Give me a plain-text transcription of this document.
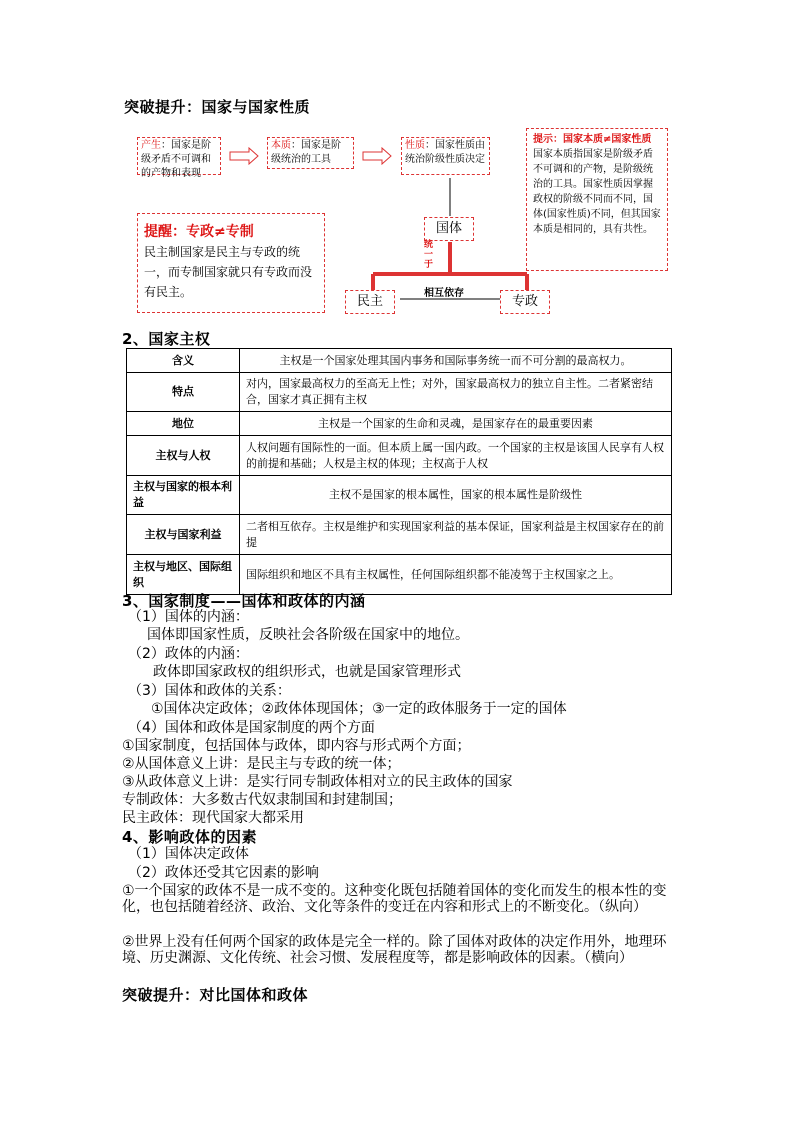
突破提升：国家与国家性质
产生：国家是阶级矛盾不可调和的产物和表现
本质：国家是阶级统治的工具
性质：国家性质由统治阶级性质决定
提示：国家本质≠国家性质
国家本质指国家是阶级矛盾不可调和的产物，是阶级统治的工具。国家性质因掌握政权的阶级不同而不同，国体(国家性质)不同，但其国家本质是相同的，具有共性。
提醒：专政≠专制
民主制国家是民主与专政的统一，而专制国家就只有专政而没有民主。
国体
统一于
民主
相互依存
专政
2、国家主权
含义	主权是一个国家处理其国内事务和国际事务统一而不可分割的最高权力。
特点	对内，国家最高权力的至高无上性；对外，国家最高权力的独立自主性。二者紧密结合，国家才真正拥有主权
地位	主权是一个国家的生命和灵魂，是国家存在的最重要因素
主权与人权	人权问题有国际性的一面。但本质上属一国内政。一个国家的主权是该国人民享有人权的前提和基础；人权是主权的体现；主权高于人权
主权与国家的根本利益	主权不是国家的根本属性，国家的根本属性是阶级性
主权与国家利益	二者相互依存。主权是维护和实现国家利益的基本保证，国家利益是主权国家存在的前提
主权与地区、国际组织	国际组织和地区不具有主权属性，任何国际组织都不能凌驾于主权国家之上。
3、国家制度——国体和政体的内涵
（1）国体的内涵：
国体即国家性质，反映社会各阶级在国家中的地位。
（2）政体的内涵：
政体即国家政权的组织形式，也就是国家管理形式
（3）国体和政体的关系：
①国体决定政体；②政体体现国体；③一定的政体服务于一定的国体
（4）国体和政体是国家制度的两个方面
①国家制度，包括国体与政体，即内容与形式两个方面；
②从国体意义上讲：是民主与专政的统一体；
③从政体意义上讲：是实行同专制政体相对立的民主政体的国家
专制政体：大多数古代奴隶制国和封建制国；
民主政体：现代国家大都采用
4、影响政体的因素
（1）国体决定政体
（2）政体还受其它因素的影响
①一个国家的政体不是一成不变的。这种变化既包括随着国体的变化而发生的根本性的变化，也包括随着经济、政治、文化等条件的变迁在内容和形式上的不断变化。（纵向）
②世界上没有任何两个国家的政体是完全一样的。除了国体对政体的决定作用外，地理环境、历史渊源、文化传统、社会习惯、发展程度等，都是影响政体的因素。（横向）
突破提升：对比国体和政体
